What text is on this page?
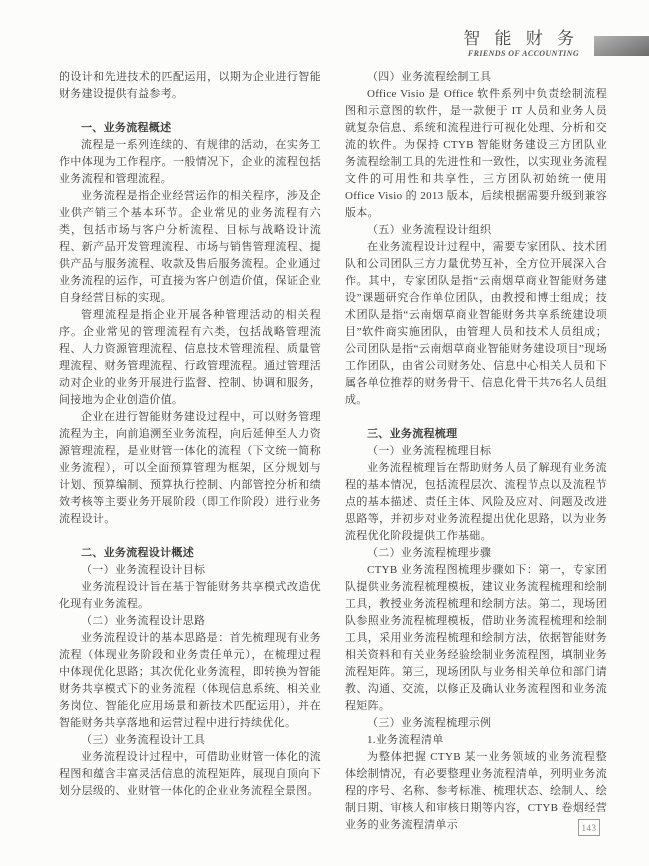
智 能 财 务
FRIENDS OF ACCOUNTING
的设计和先进技术的匹配运用，以期为企业进行智能财务建设提供有益参考。
一、业务流程概述
流程是一系列连续的、有规律的活动，在实务工作中体现为工作程序。一般情况下，企业的流程包括业务流程和管理流程。
业务流程是指企业经营运作的相关程序，涉及企业供产销三个基本环节。企业常见的业务流程有六类，包括市场与客户分析流程、目标与战略设计流程、新产品开发管理流程、市场与销售管理流程、提供产品与服务流程、收款及售后服务流程。企业通过业务流程的运作，可直接为客户创造价值，保证企业自身经营目标的实现。
管理流程是指企业开展各种管理活动的相关程序。企业常见的管理流程有六类，包括战略管理流程、人力资源管理流程、信息技术管理流程、质量管理流程、财务管理流程、行政管理流程。通过管理活动对企业的业务开展进行监督、控制、协调和服务，间接地为企业创造价值。
企业在进行智能财务建设过程中，可以财务管理流程为主，向前追溯至业务流程，向后延伸至人力资源管理流程，是业财管一体化的流程（下文统一简称业务流程），可以全面预算管理为框架，区分规划与计划、预算编制、预算执行控制、内部管控分析和绩效考核等主要业务开展阶段（即工作阶段）进行业务流程设计。
二、业务流程设计概述
（一）业务流程设计目标
业务流程设计旨在基于智能财务共享模式改造优化现有业务流程。
（二）业务流程设计思路
业务流程设计的基本思路是：首先梳理现有业务流程（体现业务阶段和业务责任单元），在梳理过程中体现优化思路；其次优化业务流程，即转换为智能财务共享模式下的业务流程（体现信息系统、相关业务岗位、智能化应用场景和新技术匹配运用），并在智能财务共享落地和运营过程中进行持续优化。
（三）业务流程设计工具
业务流程设计过程中，可借助业财管一体化的流程图和蕴含丰富灵活信息的流程矩阵，展现自顶向下划分层级的、业财管一体化的企业业务流程全景图。
（四）业务流程绘制工具
Office Visio 是 Office 软件系列中负责绘制流程图和示意图的软件，是一款便于 IT 人员和业务人员就复杂信息、系统和流程进行可视化处理、分析和交流的软件。为保持 CTYB 智能财务建设三方团队业务流程绘制工具的先进性和一致性，以实现业务流程文件的可用性和共享性，三方团队初始统一使用 Office Visio 的 2013 版本，后续根据需要升级到兼容版本。
（五）业务流程设计组织
在业务流程设计过程中，需要专家团队、技术团队和公司团队三方力量优势互补，全方位开展深入合作。其中，专家团队是指“云南烟草商业智能财务建设”课题研究合作单位团队，由教授和博士组成；技术团队是指“云南烟草商业智能财务共享系统建设项目”软件商实施团队，由管理人员和技术人员组成；公司团队是指“云南烟草商业智能财务建设项目”现场工作团队，由省公司财务处、信息中心相关人员和下属各单位推荐的财务骨干、信息化骨干共76名人员组成。
三、业务流程梳理
（一）业务流程梳理目标
业务流程梳理旨在帮助财务人员了解现有业务流程的基本情况，包括流程层次、流程节点以及流程节点的基本描述、责任主体、风险及应对、问题及改进思路等，并初步对业务流程提出优化思路，以为业务流程优化阶段提供工作基础。
（二）业务流程梳理步骤
CTYB 业务流程图梳理步骤如下：第一，专家团队提供业务流程梳理模板，建议业务流程梳理和绘制工具，教授业务流程梳理和绘制方法。第二，现场团队参照业务流程梳理模板，借助业务流程梳理和绘制工具，采用业务流程梳理和绘制方法，依据智能财务相关资料和有关业务经验绘制业务流程图，填制业务流程矩阵。第三，现场团队与业务相关单位和部门请教、沟通、交流，以修正及确认业务流程图和业务流程矩阵。
（三）业务流程梳理示例
1.业务流程清单
为整体把握 CTYB 某一业务领域的业务流程整体绘制情况，有必要整理业务流程清单，列明业务流程的序号、名称、参考标准、梳理状态、绘制人、绘制日期、审核人和审核日期等内容，CTYB 卷烟经营业务的业务流程清单示	143
